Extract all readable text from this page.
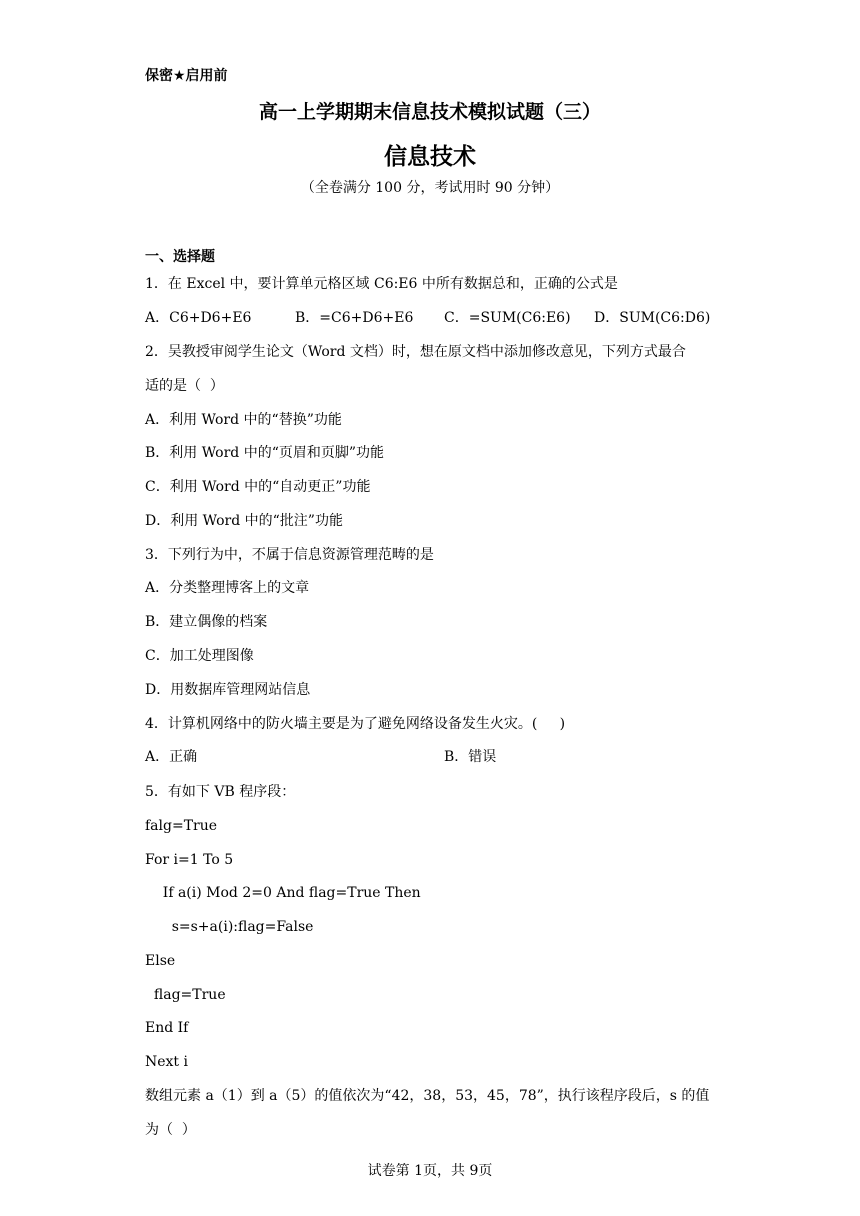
保密★启用前
高一上学期期末信息技术模拟试题（三）
信息技术
（全卷满分 100 分，考试用时 90 分钟）
一、选择题
1．在 Excel 中，要计算单元格区域 C6:E6 中所有数据总和，正确的公式是
A．C6+D6+E6	B．=C6+D6+E6 C．=SUM(C6:E6) D．SUM(C6:D6)
2．吴教授审阅学生论文（Word 文档）时，想在原文档中添加修改意见，下列方式最合
适的是（  ）
A．利用 Word 中的“替换”功能
B．利用 Word 中的“页眉和页脚”功能
C．利用 Word 中的“自动更正”功能
D．利用 Word 中的“批注”功能
3．下列行为中，不属于信息资源管理范畴的是
A．分类整理博客上的文章
B．建立偶像的档案
C．加工处理图像
D．用数据库管理网站信息
4．计算机网络中的防火墙主要是为了避免网络设备发生火灾。(     )
A．正确	B．错误
5．有如下 VB 程序段：
falg=True
For i=1 To 5
If a(i) Mod 2=0 And flag=True Then
s=s+a(i):flag=False
Else
flag=True
End If
Next i
数组元素 a（1）到 a（5）的值依次为“42，38，53，45，78”，执行该程序段后，s 的值
为（  ）
试卷第 1页，共 9页
